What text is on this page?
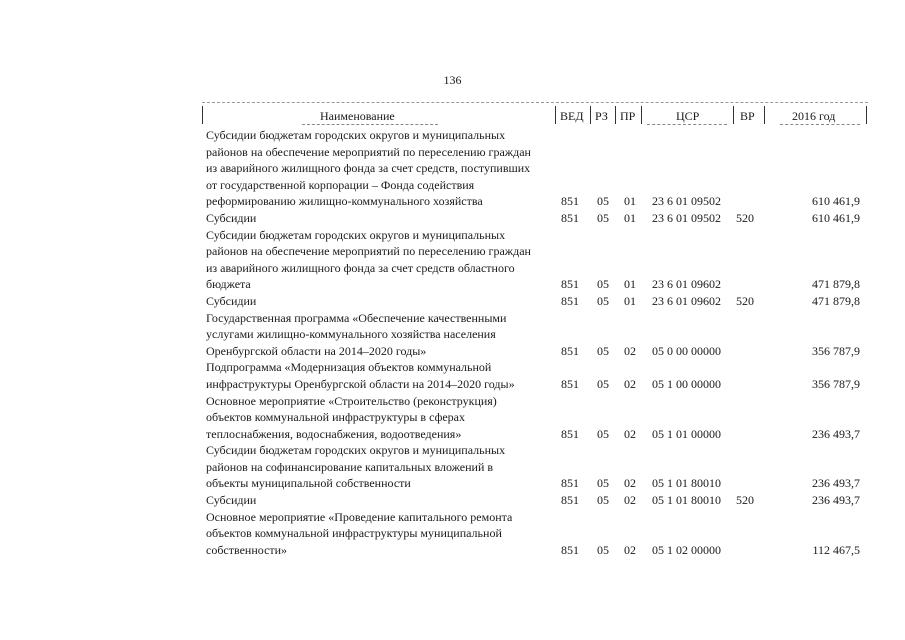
136
Наименование	ВЕД РЗ ПР	ЦСР	ВР	2016 год
Субсидии бюджетам городских округов и муниципальных
районов на обеспечение мероприятий по переселению граждан
из аварийного жилищного фонда за счет средств, поступивших
от государственной корпорации – Фонда содействия
реформированию жилищно-коммунального хозяйства	851 05 01 23 6 01 09502	610 461,9
Субсидии	851 05 01 23 6 01 09502 520	610 461,9
Субсидии бюджетам городских округов и муниципальных
районов на обеспечение мероприятий по переселению граждан
из аварийного жилищного фонда за счет средств областного
бюджета	851 05 01 23 6 01 09602	471 879,8
Субсидии	851 05 01 23 6 01 09602 520	471 879,8
Государственная программа «Обеспечение качественными
услугами жилищно-коммунального хозяйства населения
Оренбургской области на 2014–2020 годы»	851 05 02 05 0 00 00000	356 787,9
Подпрограмма «Модернизация объектов коммунальной
инфраструктуры Оренбургской области на 2014–2020 годы»	851 05 02 05 1 00 00000	356 787,9
Основное мероприятие «Строительство (реконструкция)
объектов коммунальной инфраструктуры в сферах
теплоснабжения, водоснабжения, водоотведения»	851 05 02 05 1 01 00000	236 493,7
Субсидии бюджетам городских округов и муниципальных
районов на софинансирование капитальных вложений в
объекты муниципальной собственности	851 05 02 05 1 01 80010	236 493,7
Субсидии	851 05 02 05 1 01 80010 520	236 493,7
Основное мероприятие «Проведение капитального ремонта
объектов коммунальной инфраструктуры муниципальной
собственности»	851 05 02 05 1 02 00000	112 467,5
